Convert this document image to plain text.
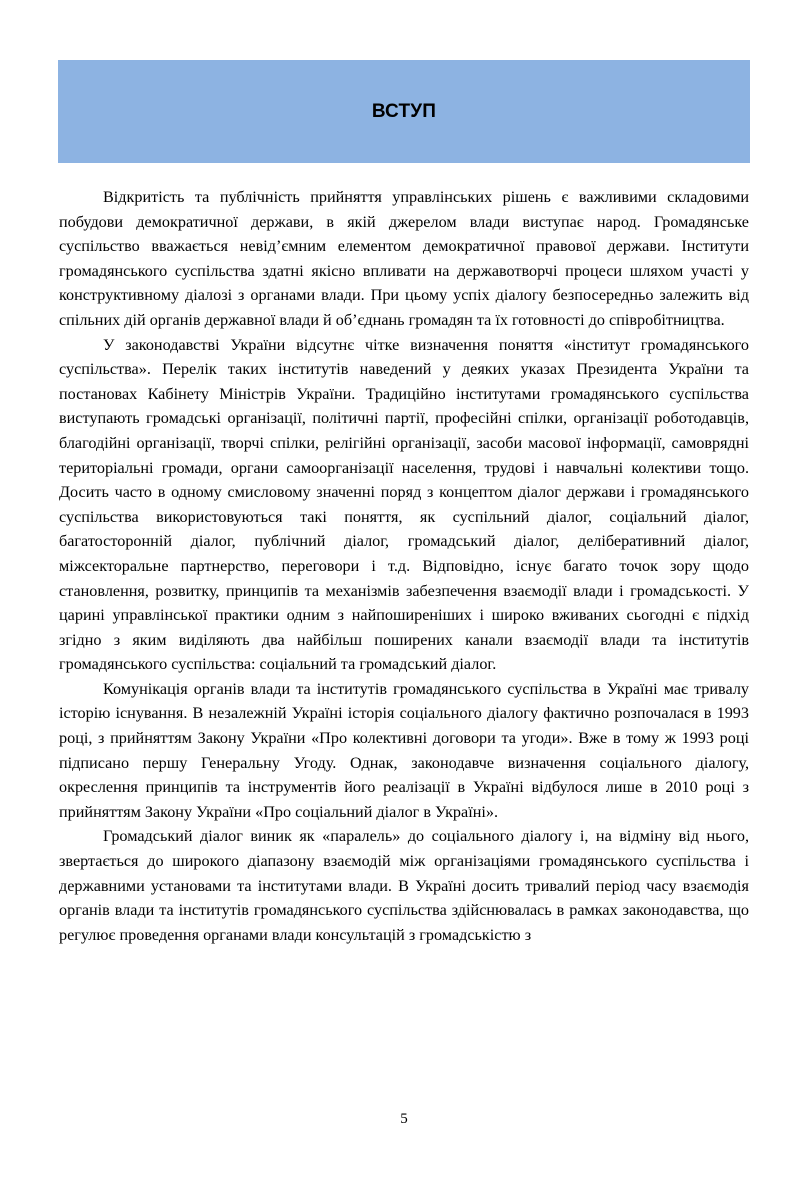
ВСТУП

Відкритість та публічність прийняття управлінських рішень є важливими складовими побудови демократичної держави, в якій джерелом влади виступає народ. Громадянське суспільство вважається невід’ємним елементом демократичної правової держави. Інститути громадянського суспільства здатні якісно впливати на державотворчі процеси шляхом участі у конструктивному діалозі з органами влади. При цьому успіх діалогу безпосередньо залежить від спільних дій органів державної влади й об’єднань громадян та їх готовності до співробітництва.

У законодавстві України відсутнє чітке визначення поняття «інститут громадянського суспільства». Перелік таких інститутів наведений у деяких указах Президента України та постановах Кабінету Міністрів України. Традиційно інститутами громадянського суспільства виступають громадські організації, політичні партії, професійні спілки, організації роботодавців, благодійні організації, творчі спілки, релігійні організації, засоби масової інформації, самоврядні територіальні громади, органи самоорганізації населення, трудові і навчальні колективи тощо. Досить часто в одному смисловому значенні поряд з концептом діалог держави і громадянського суспільства використовуються такі поняття, як суспільний діалог, соціальний діалог, багатосторонній діалог, публічний діалог, громадський діалог, деліберативний діалог, міжсекторальне партнерство, переговори і т.д. Відповідно, існує багато точок зору щодо становлення, розвитку, принципів та механізмів забезпечення взаємодії влади і громадськості. У царині управлінської практики одним з найпоширеніших і широко вживаних сьогодні є підхід згідно з яким виділяють два найбільш поширених канали взаємодії влади та інститутів громадянського суспільства: соціальний та громадський діалог.

Комунікація органів влади та інститутів громадянського суспільства в Україні має тривалу історію існування. В незалежній Україні історія соціального діалогу фактично розпочалася в 1993 році, з прийняттям Закону України «Про колективні договори та угоди». Вже в тому ж 1993 році підписано першу Генеральну Угоду. Однак, законодавче визначення соціального діалогу, окреслення принципів та інструментів його реалізації в Україні відбулося лише в 2010 році з прийняттям Закону України «Про соціальний діалог в Україні».

Громадський діалог виник як «паралель» до соціального діалогу і, на відміну від нього, звертається до широкого діапазону взаємодій між організаціями громадянського суспільства і державними установами та інститутами влади. В Україні досить тривалий період часу взаємодія органів влади та інститутів громадянського суспільства здійснювалась в рамках законодавства, що регулює проведення органами влади консультацій з громадськістю з

5
